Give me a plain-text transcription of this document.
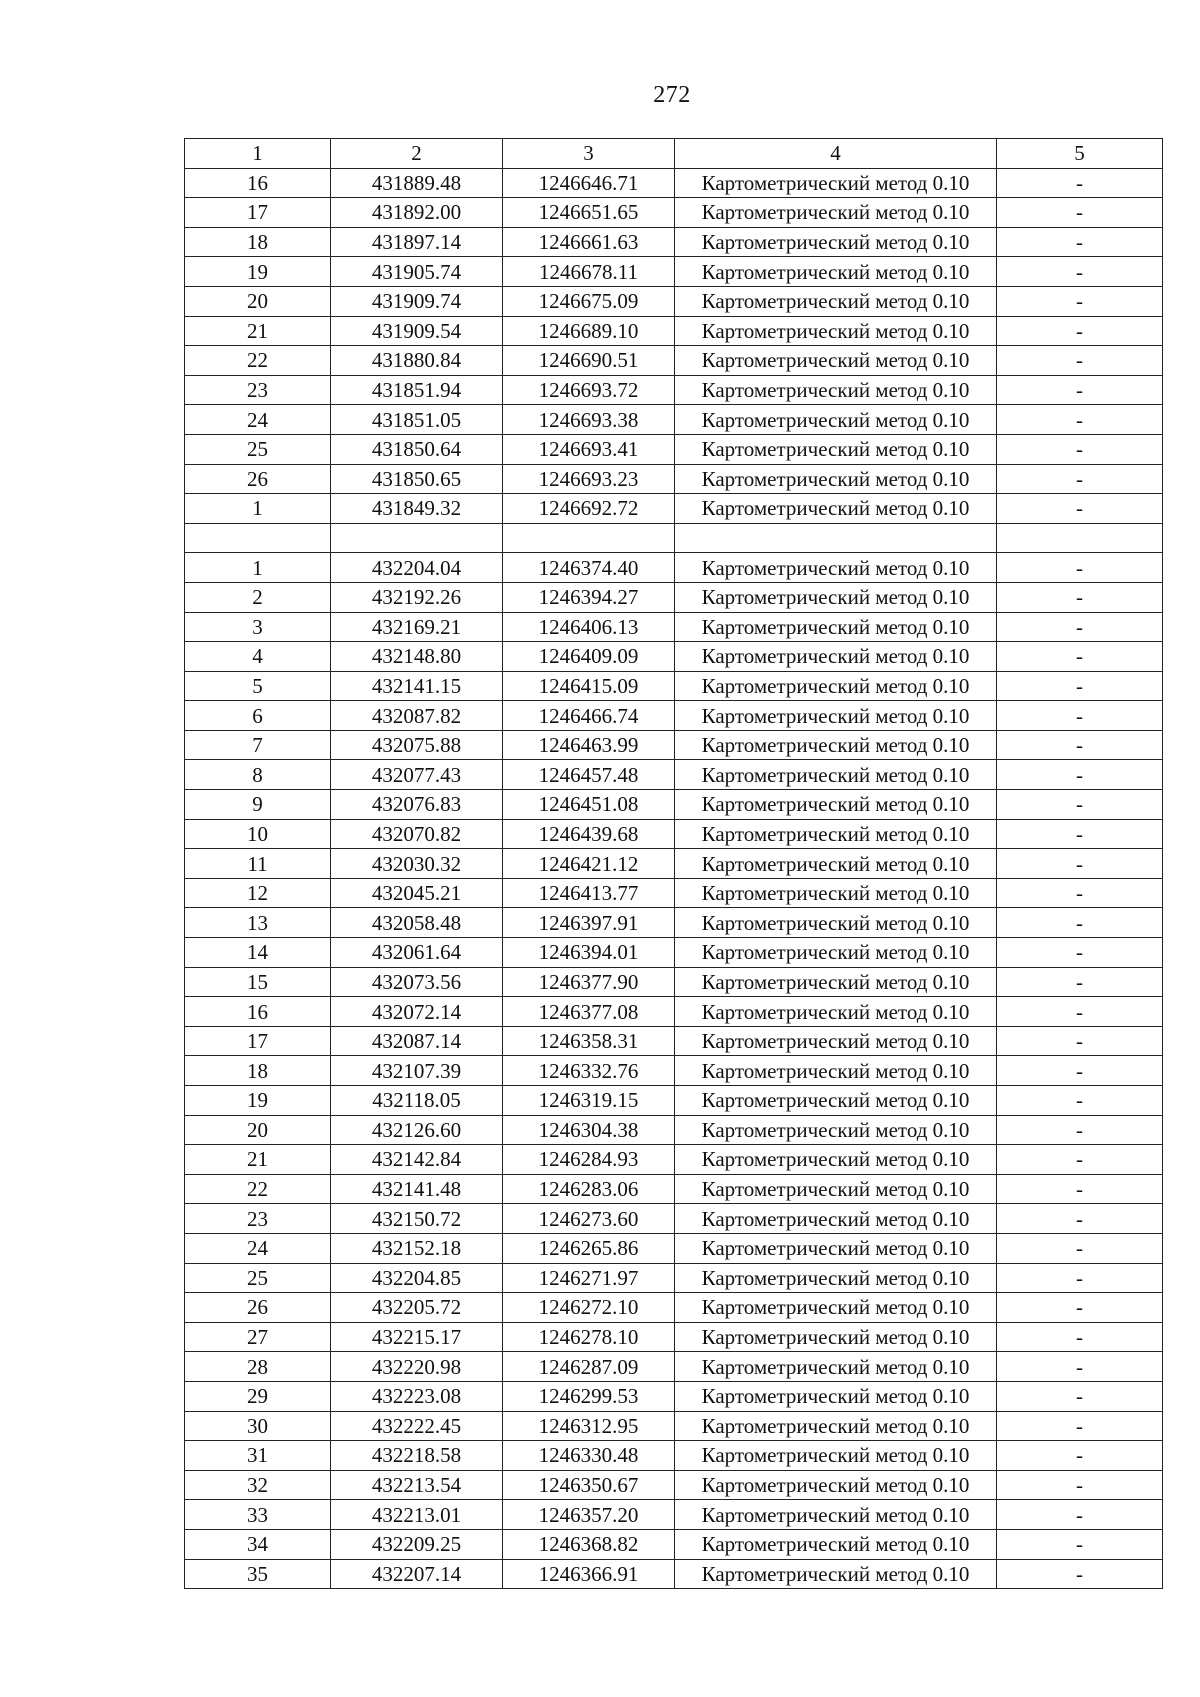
272
1	2	3	4	5
16	431889.48	1246646.71	Картометрический метод 0.10	-
17	431892.00	1246651.65	Картометрический метод 0.10	-
18	431897.14	1246661.63	Картометрический метод 0.10	-
19	431905.74	1246678.11	Картометрический метод 0.10	-
20	431909.74	1246675.09	Картометрический метод 0.10	-
21	431909.54	1246689.10	Картометрический метод 0.10	-
22	431880.84	1246690.51	Картометрический метод 0.10	-
23	431851.94	1246693.72	Картометрический метод 0.10	-
24	431851.05	1246693.38	Картометрический метод 0.10	-
25	431850.64	1246693.41	Картометрический метод 0.10	-
26	431850.65	1246693.23	Картометрический метод 0.10	-
1	431849.32	1246692.72	Картометрический метод 0.10	-

1	432204.04	1246374.40	Картометрический метод 0.10	-
2	432192.26	1246394.27	Картометрический метод 0.10	-
3	432169.21	1246406.13	Картометрический метод 0.10	-
4	432148.80	1246409.09	Картометрический метод 0.10	-
5	432141.15	1246415.09	Картометрический метод 0.10	-
6	432087.82	1246466.74	Картометрический метод 0.10	-
7	432075.88	1246463.99	Картометрический метод 0.10	-
8	432077.43	1246457.48	Картометрический метод 0.10	-
9	432076.83	1246451.08	Картометрический метод 0.10	-
10	432070.82	1246439.68	Картометрический метод 0.10	-
11	432030.32	1246421.12	Картометрический метод 0.10	-
12	432045.21	1246413.77	Картометрический метод 0.10	-
13	432058.48	1246397.91	Картометрический метод 0.10	-
14	432061.64	1246394.01	Картометрический метод 0.10	-
15	432073.56	1246377.90	Картометрический метод 0.10	-
16	432072.14	1246377.08	Картометрический метод 0.10	-
17	432087.14	1246358.31	Картометрический метод 0.10	-
18	432107.39	1246332.76	Картометрический метод 0.10	-
19	432118.05	1246319.15	Картометрический метод 0.10	-
20	432126.60	1246304.38	Картометрический метод 0.10	-
21	432142.84	1246284.93	Картометрический метод 0.10	-
22	432141.48	1246283.06	Картометрический метод 0.10	-
23	432150.72	1246273.60	Картометрический метод 0.10	-
24	432152.18	1246265.86	Картометрический метод 0.10	-
25	432204.85	1246271.97	Картометрический метод 0.10	-
26	432205.72	1246272.10	Картометрический метод 0.10	-
27	432215.17	1246278.10	Картометрический метод 0.10	-
28	432220.98	1246287.09	Картометрический метод 0.10	-
29	432223.08	1246299.53	Картометрический метод 0.10	-
30	432222.45	1246312.95	Картометрический метод 0.10	-
31	432218.58	1246330.48	Картометрический метод 0.10	-
32	432213.54	1246350.67	Картометрический метод 0.10	-
33	432213.01	1246357.20	Картометрический метод 0.10	-
34	432209.25	1246368.82	Картометрический метод 0.10	-
35	432207.14	1246366.91	Картометрический метод 0.10	-
